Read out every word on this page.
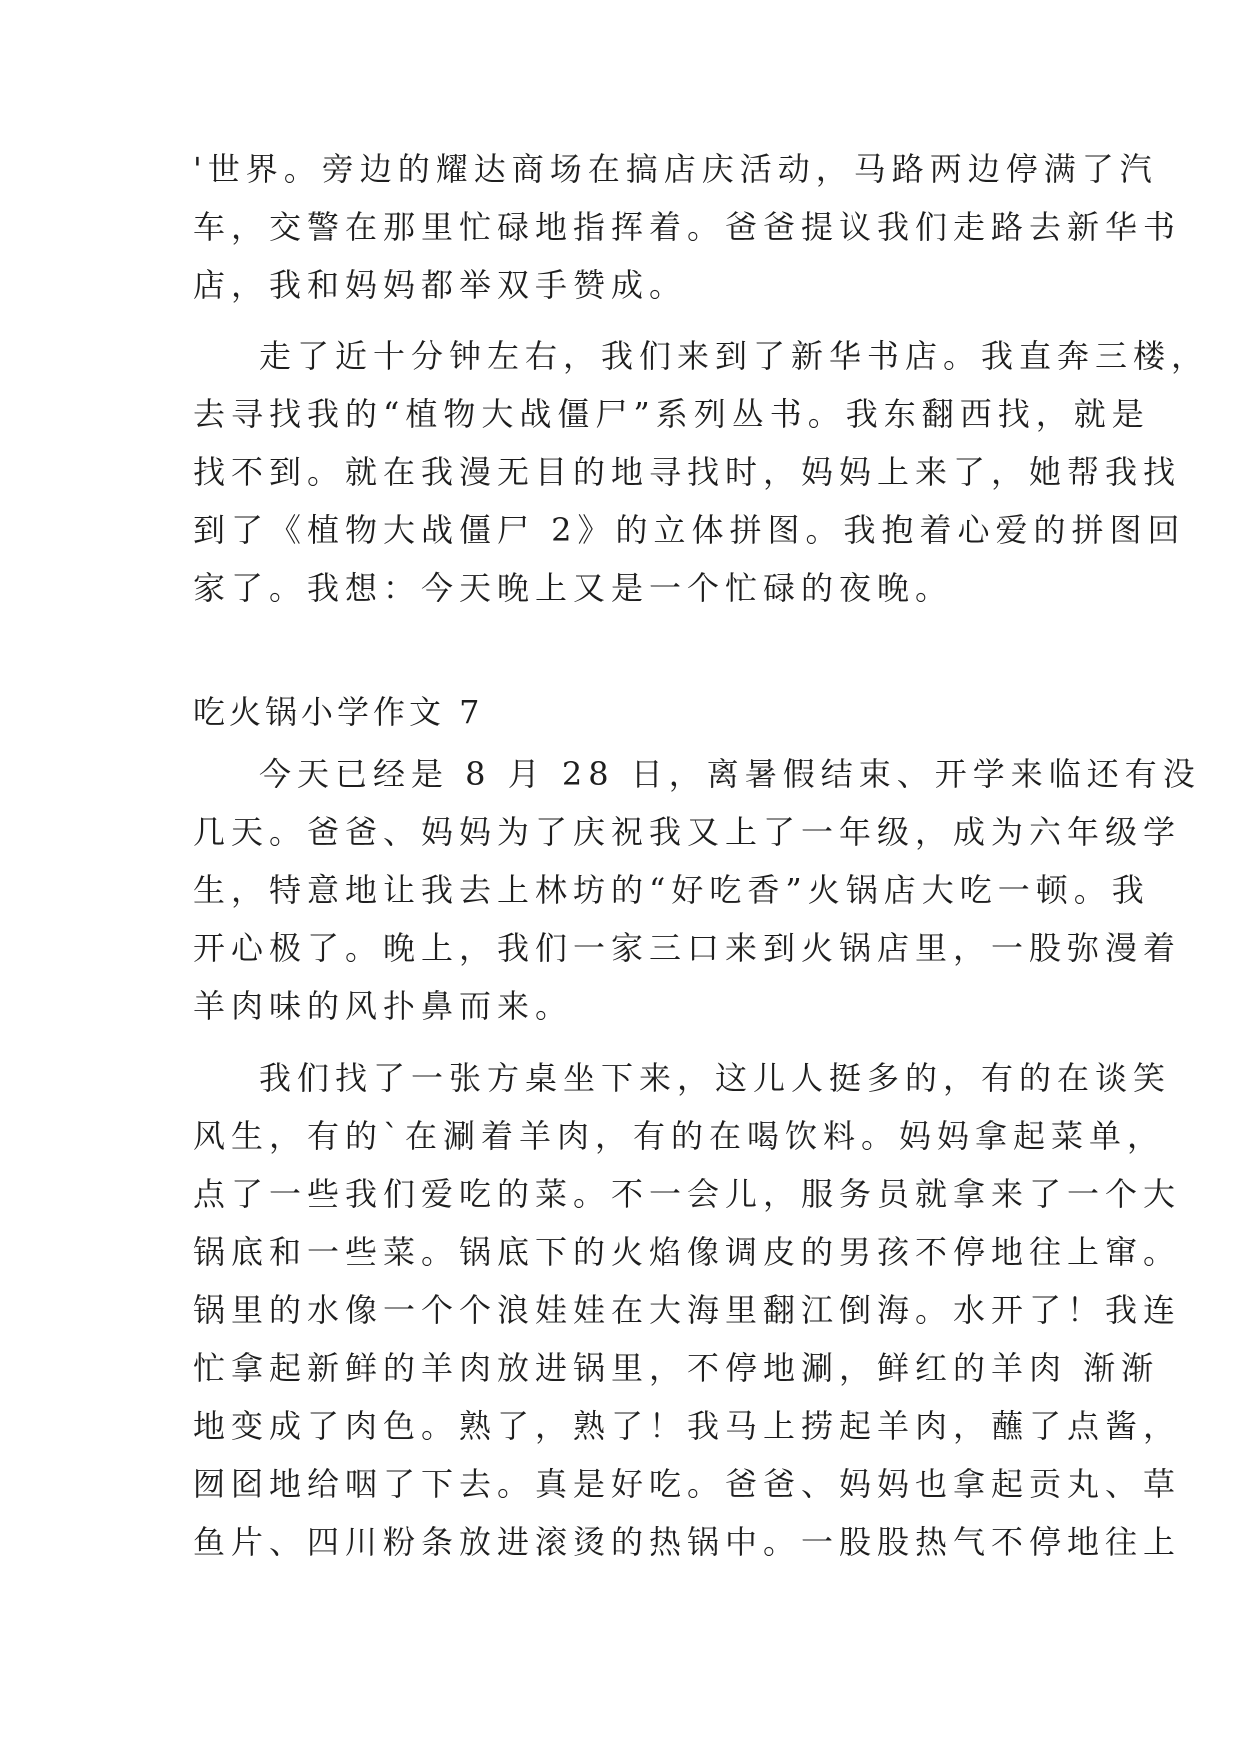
'世界。旁边的耀达商场在搞店庆活动，马路两边停满了汽
车，交警在那里忙碌地指挥着。爸爸提议我们走路去新华书
店，我和妈妈都举双手赞成。
走了近十分钟左右，我们来到了新华书店。我直奔三楼，
去寻找我的“植物大战僵尸”系列丛书。我东翻西找，就是
找不到。就在我漫无目的地寻找时，妈妈上来了，她帮我找
到了《植物大战僵尸 2》的立体拼图。我抱着心爱的拼图回
家了。我想：今天晚上又是一个忙碌的夜晚。
吃火锅小学作文 7
今天已经是 8 月 28 日，离暑假结束、开学来临还有没
几天。爸爸、妈妈为了庆祝我又上了一年级，成为六年级学
生，特意地让我去上林坊的“好吃香”火锅店大吃一顿。我
开心极了。晚上，我们一家三口来到火锅店里，一股弥漫着
羊肉味的风扑鼻而来。
我们找了一张方桌坐下来，这儿人挺多的，有的在谈笑
风生，有的`在涮着羊肉，有的在喝饮料。妈妈拿起菜单，
点了一些我们爱吃的菜。不一会儿，服务员就拿来了一个大
锅底和一些菜。锅底下的火焰像调皮的男孩不停地往上窜。
锅里的水像一个个浪娃娃在大海里翻江倒海。水开了！我连
忙拿起新鲜的羊肉放进锅里，不停地涮，鲜红的羊肉 渐渐
地变成了肉色。熟了，熟了！我马上捞起羊肉，蘸了点酱，
囫囵地给咽了下去。真是好吃。爸爸、妈妈也拿起贡丸、草
鱼片、四川粉条放进滚烫的热锅中。一股股热气不停地往上
